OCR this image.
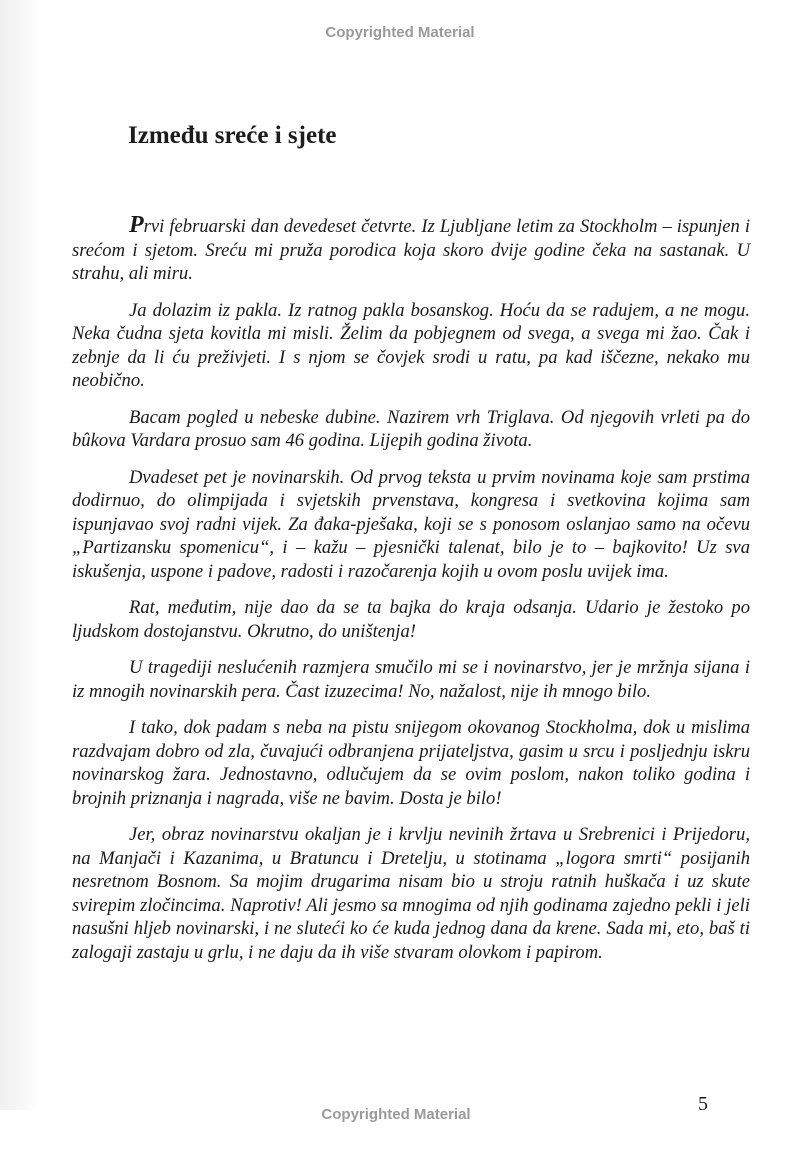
Copyrighted Material
Između sreće i sjete

Prvi februarski dan devedeset četvrte. Iz Ljubljane letim za Stockholm – ispunjen i srećom i sjetom. Sreću mi pruža porodica koja skoro dvije godine čeka na sastanak. U strahu, ali miru.

Ja dolazim iz pakla. Iz ratnog pakla bosanskog. Hoću da se radujem, a ne mogu. Neka čudna sjeta kovitla mi misli. Želim da pobjegnem od svega, a svega mi žao. Čak i zebnje da li ću preživjeti. I s njom se čovjek srodi u ratu, pa kad iščezne, nekako mu neobično.

Bacam pogled u nebeske dubine. Nazirem vrh Triglava. Od njegovih vrleti pa do bûkova Vardara prosuo sam 46 godina. Lijepih godina života.

Dvadeset pet je novinarskih. Od prvog teksta u prvim novinama koje sam prstima dodirnuo, do olimpijada i svjetskih prvenstava, kongresa i svetkovina kojima sam ispunjavao svoj radni vijek. Za đaka-pješaka, koji se s ponosom oslanjao samo na očevu „Partizansku spomenicu“, i – kažu – pjesnički talenat, bilo je to – bajkovito! Uz sva iskušenja, uspone i padove, radosti i razočarenja kojih u ovom poslu uvijek ima.

Rat, međutim, nije dao da se ta bajka do kraja odsanja. Udario je žestoko po ljudskom dostojanstvu. Okrutno, do uništenja!

U tragediji neslućenih razmjera smučilo mi se i novinarstvo, jer je mržnja sijana i iz mnogih novinarskih pera. Čast izuzecima! No, nažalost, nije ih mnogo bilo.

I tako, dok padam s neba na pistu snijegom okovanog Stockholma, dok u mislima razdvajam dobro od zla, čuvajući odbranjena prijateljstva, gasim u srcu i posljednju iskru novinarskog žara. Jednostavno, odlučujem da se ovim poslom, nakon toliko godina i brojnih priznanja i nagrada, više ne bavim. Dosta je bilo!

Jer, obraz novinarstvu okaljan je i krvlju nevinih žrtava u Srebrenici i Prijedoru, na Manjači i Kazanima, u Bratuncu i Dretelju, u stotinama „logora smrti“ posijanih nesretnom Bosnom. Sa mojim drugarima nisam bio u stroju ratnih huškača i uz skute svirepim zločincima. Naprotiv! Ali jesmo sa mnogima od njih godinama zajedno pekli i jeli nasušni hljeb novinarski, i ne sluteći ko će kuda jednog dana da krene. Sada mi, eto, baš ti zalogaji zastaju u grlu, i ne daju da ih više stvaram olovkom i papirom.

5
Copyrighted Material
